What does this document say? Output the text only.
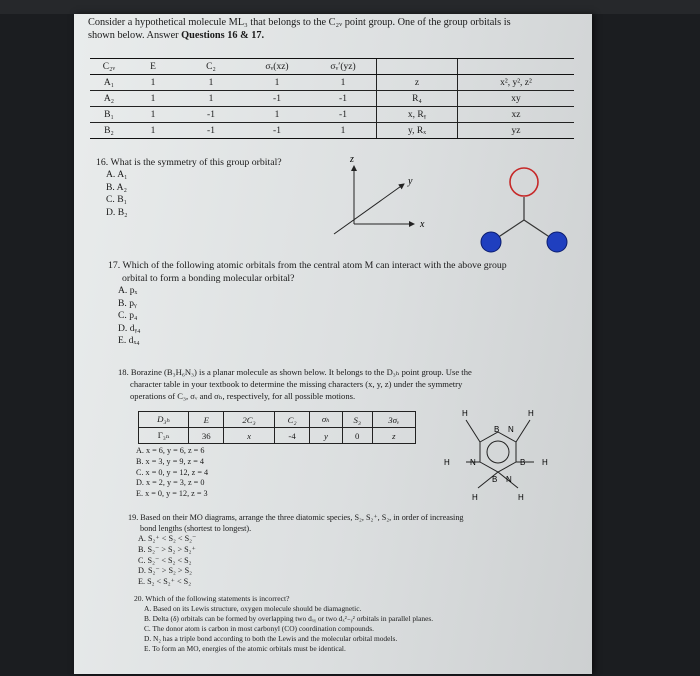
Consider a hypothetical molecule ML₃ that belongs to the C₂ᵥ point group. One of the group orbitals is
shown below. Answer Questions 16 & 17.
C₂ᵥ	E	C₂	σᵥ(xz)	σᵥ′(yz)		
A₁	1	1	1	1	z	x², y², z²
A₂	1	1	-1	-1	R₄	xy
B₁	1	-1	1	-1	x, Rᵧ	xz
B₂	1	-1	-1	1	y, Rₓ	yz
16. What is the symmetry of this group orbital?
A. A₁
B. A₂
C. B₁
D. B₂
z
y
x
17. Which of the following atomic orbitals from the central atom M can interact with the above group
orbital to form a bonding molecular orbital?
A. pₓ
B. pᵧ
C. p₄
D. dᵧ₄
E. dₓ₄
18. Borazine (B₃H₆N₃) is a planar molecule as shown below. It belongs to the D₃ₕ point group. Use the
character table in your textbook to determine the missing characters (x, y, z) under the symmetry
operations of C₃, σᵥ and σₕ, respectively, for all possible motions.
D₃ₕ	E	2C₃	C₂	σₕ	S₃	3σᵥ
Γ₃ₙ	36	x	-4	y	0	z
A. x = 6, y = 6, z = 6
B. x = 3, y = 9, z = 4
C. x = 0, y = 12, z = 4
D. x = 2, y = 3, z = 0
E. x = 0, y = 12, z = 3
H	H
B N
H	N	B H
B N
H	H
19. Based on their MO diagrams, arrange the three diatomic species, S₂, S₂⁺, S₂, in order of increasing
bond lengths (shortest to longest).
A. S₂⁺ < S₂ < S₂⁻
B. S₂⁻ > S₂ > S₂⁺
C. S₂⁻ < S₂ < S₂
D. S₂⁻ > S₂ > S₂
E. S₂ < S₂⁺ < S₂
20. Which of the following statements is incorrect?
A. Based on its Lewis structure, oxygen molecule should be diamagnetic.
B. Delta (δ) orbitals can be formed by overlapping two dₓᵧ or two dₓ²₋ᵧ² orbitals in parallel planes.
C. The donor atom is carbon in most carbonyl (CO) coordination compounds.
D. N₂ has a triple bond according to both the Lewis and the molecular orbital models.
E. To form an MO, energies of the atomic orbitals must be identical.
